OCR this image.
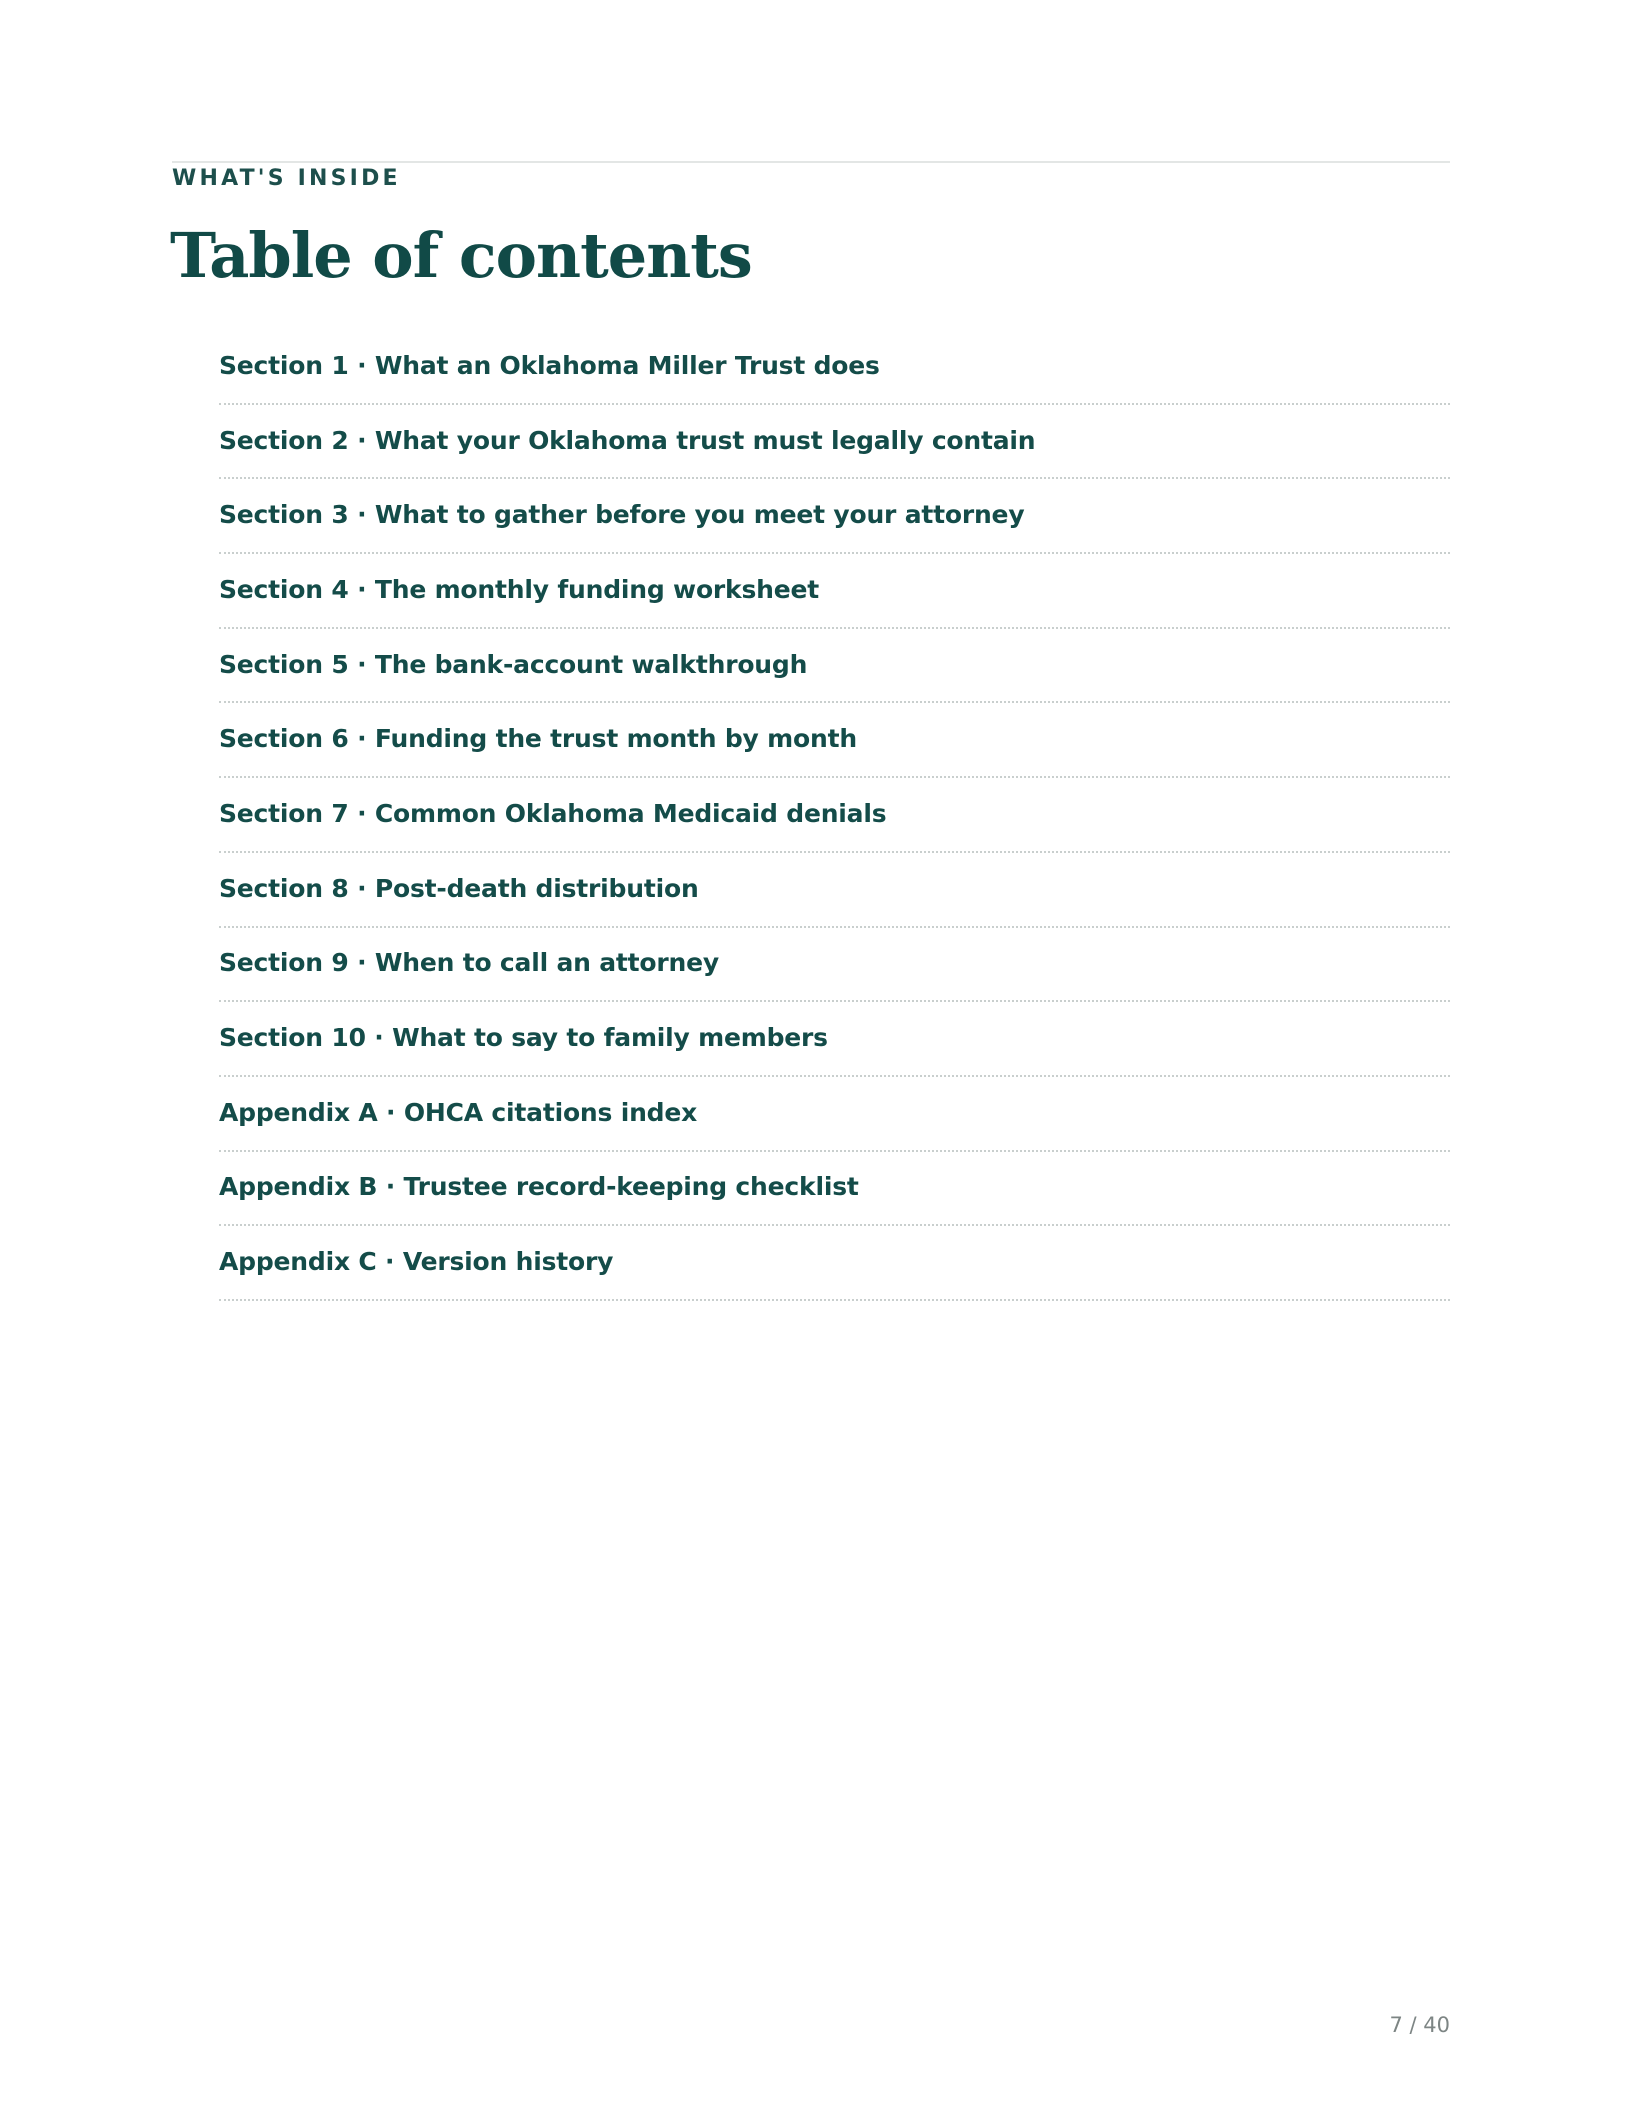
WHAT'S INSIDE
Table of contents
Section 1 · What an Oklahoma Miller Trust does
Section 2 · What your Oklahoma trust must legally contain
Section 3 · What to gather before you meet your attorney
Section 4 · The monthly funding worksheet
Section 5 · The bank-account walkthrough
Section 6 · Funding the trust month by month
Section 7 · Common Oklahoma Medicaid denials
Section 8 · Post-death distribution
Section 9 · When to call an attorney
Section 10 · What to say to family members
Appendix A · OHCA citations index
Appendix B · Trustee record-keeping checklist
Appendix C · Version history
7 / 40
